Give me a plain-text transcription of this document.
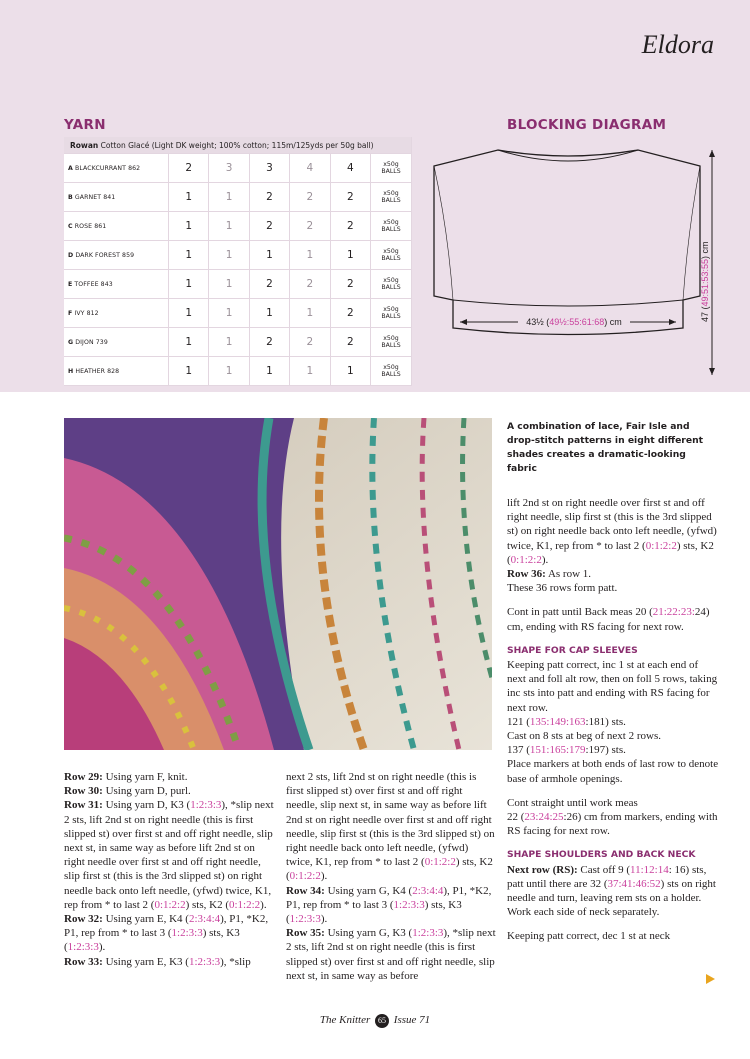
Eldora
YARN	BLOCKING DIAGRAM
Rowan Cotton Glacé (Light DK weight; 100% cotton; 115m/125yds per 50g ball)						
A BLACKCURRANT 862	2	3	3	4	4	x50g
BALLS

B GARNET 841	1	1	2	2	2	x50g
BALLS

C ROSE 861	1	1	2	2	2	x50g
BALLS

D DARK FOREST 859	1	1	1	1	1	x50g
BALLS

E TOFFEE 843	1	1	2	2	2	x50g
BALLS

F IVY 812	1	1	1	1	2	x50g
BALLS

G DIJON 739	1	1	2	2	2	x50g
BALLS

H HEATHER 828	1	1	1	1	1	x50g
BALLS
43½ (49½:55:61:68) cm	47 (49:51:53:55) cm
A combination of lace, Fair Isle and drop-stitch patterns in eight different shades creates a dramatic-looking fabric

Row 29: Using yarn F, knit.

Row 30: Using yarn D, purl.

Row 31: Using yarn D, K3 (1:2:3:3), *slip next 2 sts, lift 2nd st on right needle (this is first slipped st) over first st and off right needle, slip next st, in same way as before lift 2nd st on right needle over first st and off right needle, slip first st (this is the 3rd slipped st) on right needle back onto left needle, (yfwd) twice, K1, rep from * to last 2 (0:1:2:2) sts, K2 (0:1:2:2).

Row 32: Using yarn E, K4 (2:3:4:4), P1, *K2, P1, rep from * to last 3 (1:2:3:3) sts, K3 (1:2:3:3).

Row 33: Using yarn E, K3 (1:2:3:3), *slip

next 2 sts, lift 2nd st on right needle (this is first slipped st) over first st and off right needle, slip next st, in same way as before lift 2nd st on right needle over first st and off right needle, slip first st (this is the 3rd slipped st) on right needle back onto left needle, (yfwd) twice, K1, rep from * to last 2 (0:1:2:2) sts, K2 (0:1:2:2).

Row 34: Using yarn G, K4 (2:3:4:4), P1, *K2, P1, rep from * to last 3 (1:2:3:3) sts, K3 (1:2:3:3).

Row 35: Using yarn G, K3 (1:2:3:3), *slip next 2 sts, lift 2nd st on right needle (this is first slipped st) over first st and off right needle, slip next st, in same way as before

lift 2nd st on right needle over first st and off right needle, slip first st (this is the 3rd slipped st) on right needle back onto left needle, (yfwd) twice, K1, rep from * to last 2 (0:1:2:2) sts, K2 (0:1:2:2).

Row 36: As row 1.

These 36 rows form patt.

Cont in patt until Back meas 20 (21:22:23:24) cm, ending with RS facing for next row.

SHAPE FOR CAP SLEEVES

Keeping patt correct, inc 1 st at each end of next and foll alt row, then on foll 5 rows, taking inc sts into patt and ending with RS facing for next row.

121 (135:149:163:181) sts.

Cast on 8 sts at beg of next 2 rows.

137 (151:165:179:197) sts.

Place markers at both ends of last row to denote base of armhole openings.

Cont straight until work meas

22 (23:24:25:26) cm from markers, ending with RS facing for next row.

SHAPE SHOULDERS AND BACK NECK

Next row (RS): Cast off 9 (11:12:14: 16) sts, patt until there are 32 (37:41:46:52) sts on right needle and turn, leaving rem sts on a holder.

Work each side of neck separately.

Keeping patt correct, dec 1 st at neck

The Knitter 65 Issue 71
